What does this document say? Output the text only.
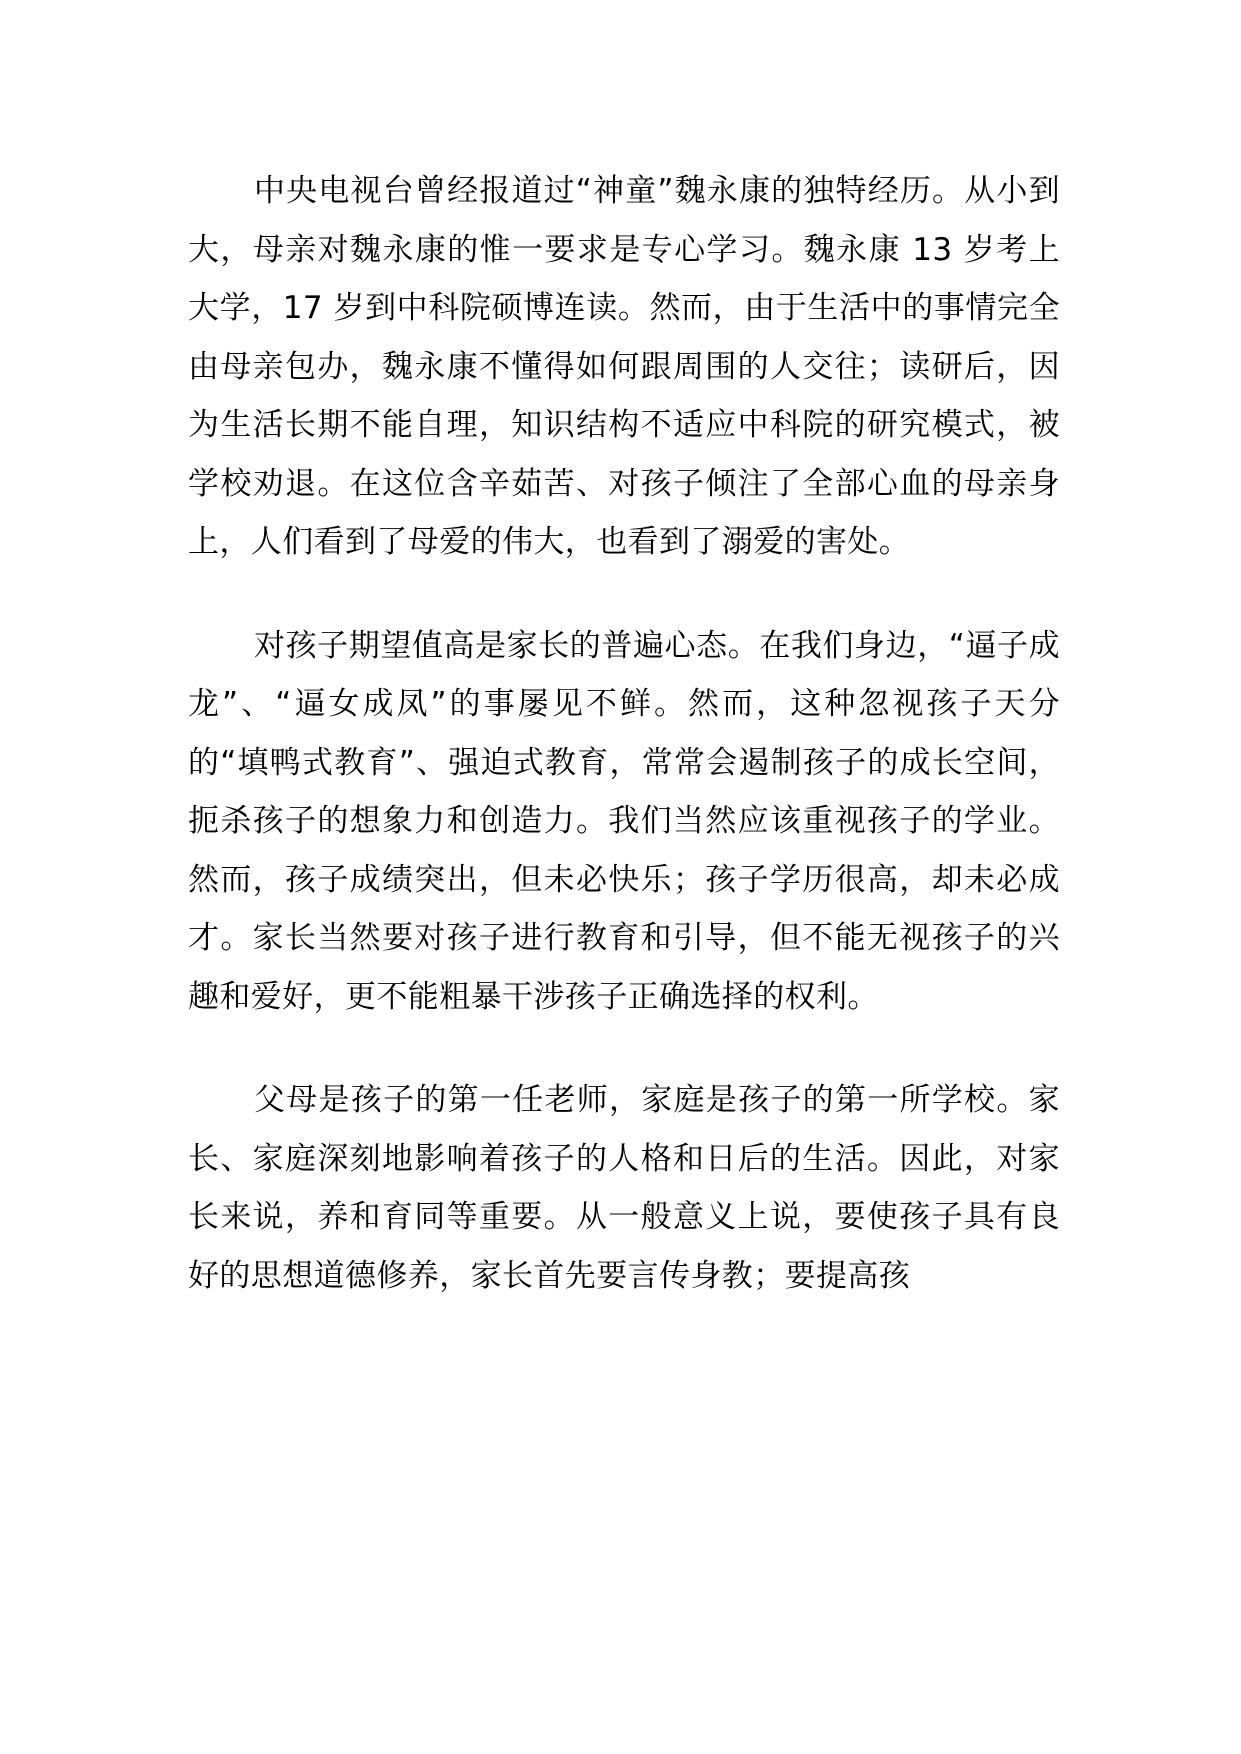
中央电视台曾经报道过“神童”魏永康的独特经历。从小到大，母亲对魏永康的惟一要求是专心学习。魏永康 13 岁考上大学，17 岁到中科院硕博连读。然而，由于生活中的事情完全由母亲包办，魏永康不懂得如何跟周围的人交往；读研后，因为生活长期不能自理，知识结构不适应中科院的研究模式，被学校劝退。在这位含辛茹苦、对孩子倾注了全部心血的母亲身上，人们看到了母爱的伟大，也看到了溺爱的害处。

对孩子期望值高是家长的普遍心态。在我们身边，“逼子成龙”、“逼女成凤”的事屡见不鲜。然而，这种忽视孩子天分的“填鸭式教育”、强迫式教育，常常会遏制孩子的成长空间，扼杀孩子的想象力和创造力。我们当然应该重视孩子的学业。然而，孩子成绩突出，但未必快乐；孩子学历很高，却未必成才。家长当然要对孩子进行教育和引导，但不能无视孩子的兴趣和爱好，更不能粗暴干涉孩子正确选择的权利。

父母是孩子的第一任老师，家庭是孩子的第一所学校。家长、家庭深刻地影响着孩子的人格和日后的生活。因此，对家长来说，养和育同等重要。从一般意义上说，要使孩子具有良好的思想道德修养，家长首先要言传身教；要提高孩
